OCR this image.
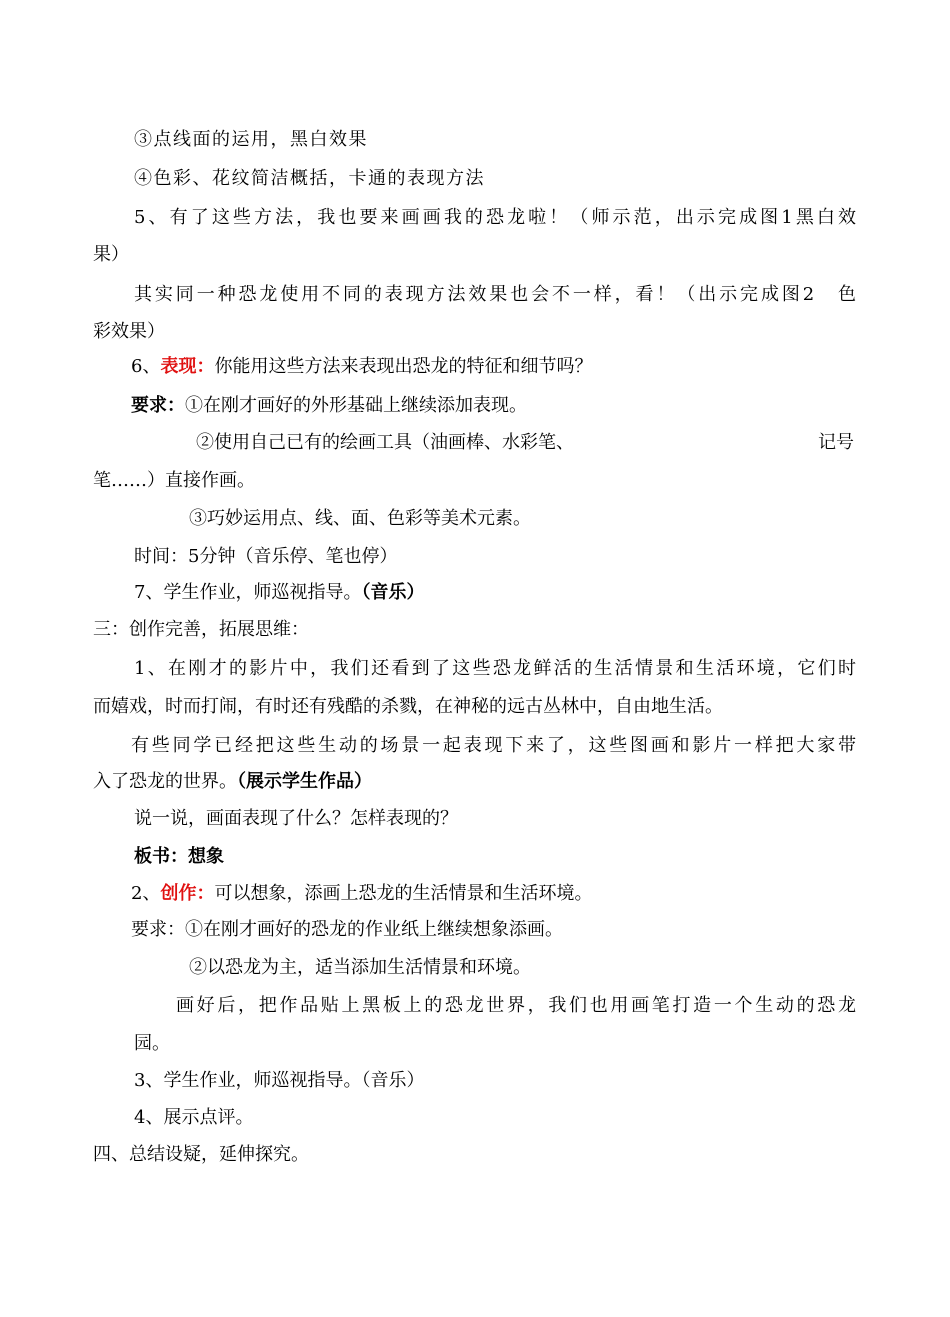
③点线面的运用，黑白效果

④色彩、花纹简洁概括，卡通的表现方法

5、有了这些方法，我也要来画画我的恐龙啦！（师示范，出示完成图1黑白效

果）

其实同一种恐龙使用不同的表现方法效果也会不一样，看！（出示完成图2　色

彩效果）

6、表现：你能用这些方法来表现出恐龙的特征和细节吗？

要求：①在刚才画好的外形基础上继续添加表现。

②使用自己已有的绘画工具（油画棒、水彩笔、	记号

笔……）直接作画。

③巧妙运用点、线、面、色彩等美术元素。

时间：5分钟（音乐停、笔也停）

7、学生作业，师巡视指导。（音乐）

三：创作完善，拓展思维：

1、在刚才的影片中，我们还看到了这些恐龙鲜活的生活情景和生活环境，它们时

而嬉戏，时而打闹，有时还有残酷的杀戮，在神秘的远古丛林中，自由地生活。

有些同学已经把这些生动的场景一起表现下来了，这些图画和影片一样把大家带

入了恐龙的世界。（展示学生作品）

说一说，画面表现了什么？怎样表现的？

板书：想象

2、创作：可以想象，添画上恐龙的生活情景和生活环境。

要求：①在刚才画好的恐龙的作业纸上继续想象添画。

②以恐龙为主，适当添加生活情景和环境。

画好后，把作品贴上黑板上的恐龙世界，我们也用画笔打造一个生动的恐龙

园。

3、学生作业，师巡视指导。（音乐）

4、展示点评。

四、总结设疑，延伸探究。
